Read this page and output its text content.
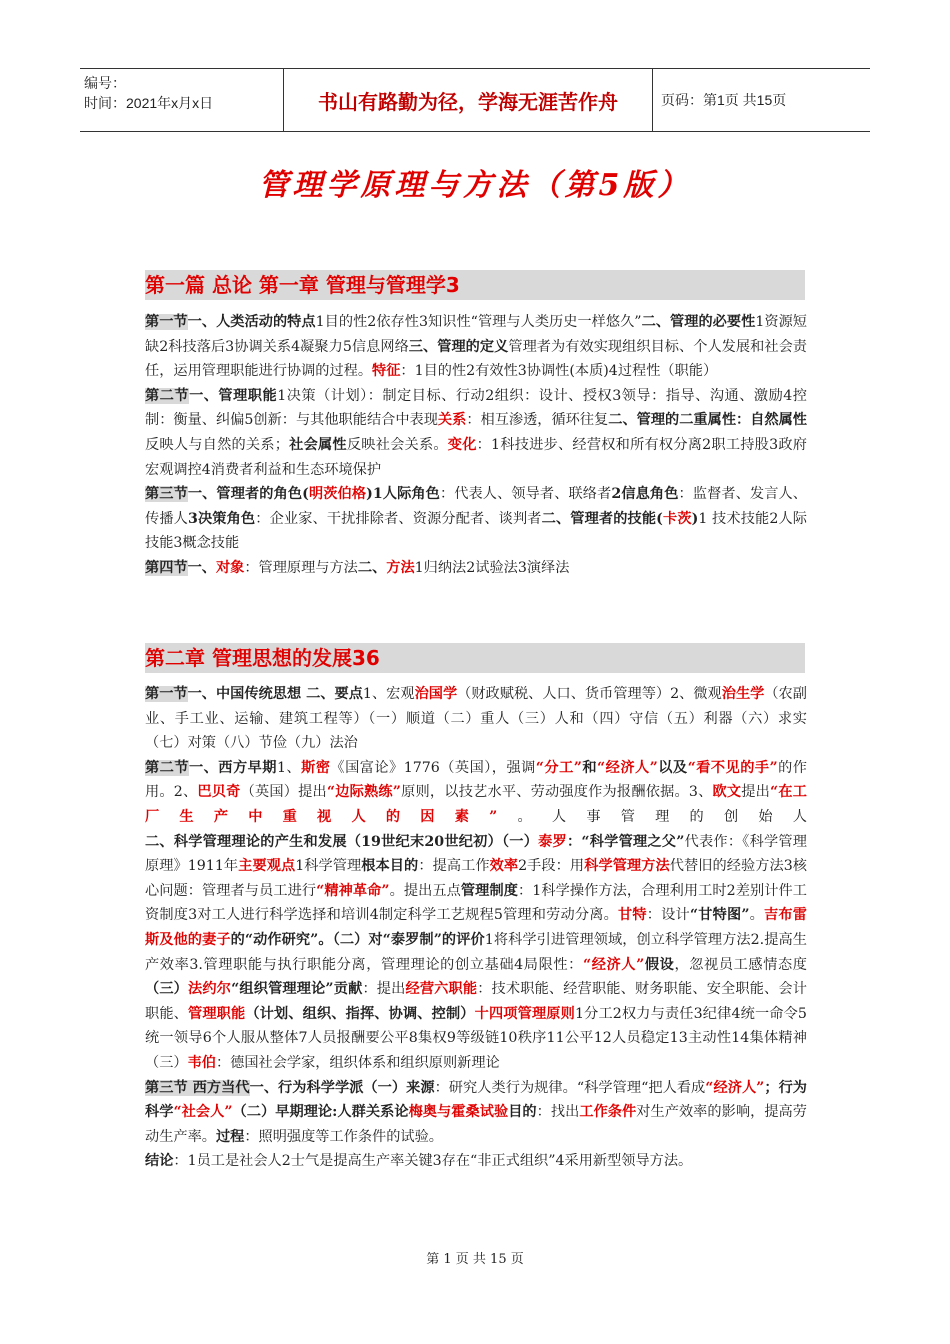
编号：
时间：2021年x月x日	书山有路勤为径，学海无涯苦作舟	页码：第1页 共15页
管理学原理与方法（第5版）
第一篇 总论 第一章 管理与管理学3
第一节一、人类活动的特点1目的性2依存性3知识性“管理与人类历史一样悠久”二、管理的必要性1资源短缺2科技落后3协调关系4凝聚力5信息网络三、管理的定义管理者为有效实现组织目标、个人发展和社会责任，运用管理职能进行协调的过程。特征：1目的性2有效性3协调性(本质)4过程性（职能）
第二节一、管理职能1决策（计划）：制定目标、行动2组织：设计、授权3领导：指导、沟通、激励4控制：衡量、纠偏5创新：与其他职能结合中表现关系：相互渗透，循环往复二、管理的二重属性：自然属性反映人与自然的关系；社会属性反映社会关系。变化：1科技进步、经营权和所有权分离2职工持股3政府宏观调控4消费者利益和生态环境保护
第三节一、管理者的角色(明茨伯格)1人际角色：代表人、领导者、联络者2信息角色：监督者、发言人、传播人3决策角色：企业家、干扰排除者、资源分配者、谈判者二、管理者的技能(卡茨)1 技术技能2人际技能3概念技能
第四节一、对象：管理原理与方法二、方法1归纳法2试验法3演绎法
第二章 管理思想的发展36
第一节一、中国传统思想 二、要点1、宏观治国学（财政赋税、人口、货币管理等）2、微观治生学（农副业、手工业、运输、建筑工程等）（一）顺道（二）重人（三）人和（四）守信（五）利器（六）求实（七）对策（八）节俭（九）法治
第二节一、西方早期1、斯密《国富论》1776（英国），强调“分工”和“经济人”以及“看不见的手”的作用。2、巴贝奇（英国）提出“边际熟练”原则，以技艺水平、劳动强度作为报酬依据。3、欧文提出“在工厂生产中重视人的因素”。人事管理的创始人二、科学管理理论的产生和发展（19世纪末20世纪初）（一）泰罗：“科学管理之父”代表作：《科学管理原理》1911年主要观点1科学管理根本目的：提高工作效率2手段：用科学管理方法代替旧的经验方法3核心问题：管理者与员工进行“精神革命”。提出五点管理制度：1科学操作方法，合理利用工时2差别计件工资制度3对工人进行科学选择和培训4制定科学工艺规程5管理和劳动分离。甘特：设计“甘特图”。吉布雷斯及他的妻子的“动作研究”。（二）对“泰罗制”的评价1将科学引进管理领域，创立科学管理方法2.提高生产效率3.管理职能与执行职能分离，管理理论的创立基础4局限性：“经济人”假设，忽视员工感情态度（三）法约尔“组织管理理论”贡献：提出经营六职能：技术职能、经营职能、财务职能、安全职能、会计职能、管理职能（计划、组织、指挥、协调、控制）十四项管理原则1分工2权力与责任3纪律4统一命令5统一领导6个人服从整体7人员报酬要公平8集权9等级链10秩序11公平12人员稳定13主动性14集体精神（三）韦伯：德国社会学家，组织体系和组织原则新理论
第三节 西方当代一、行为科学学派（一）来源：研究人类行为规律。“科学管理“把人看成“经济人”；行为科学“社会人”（二）早期理论:人群关系论梅奥与霍桑试验目的：找出工作条件对生产效率的影响，提高劳动生产率。过程：照明强度等工作条件的试验。
结论：1员工是社会人2士气是提高生产率关键3存在“非正式组织”4采用新型领导方法。
第 1 页 共 15 页
